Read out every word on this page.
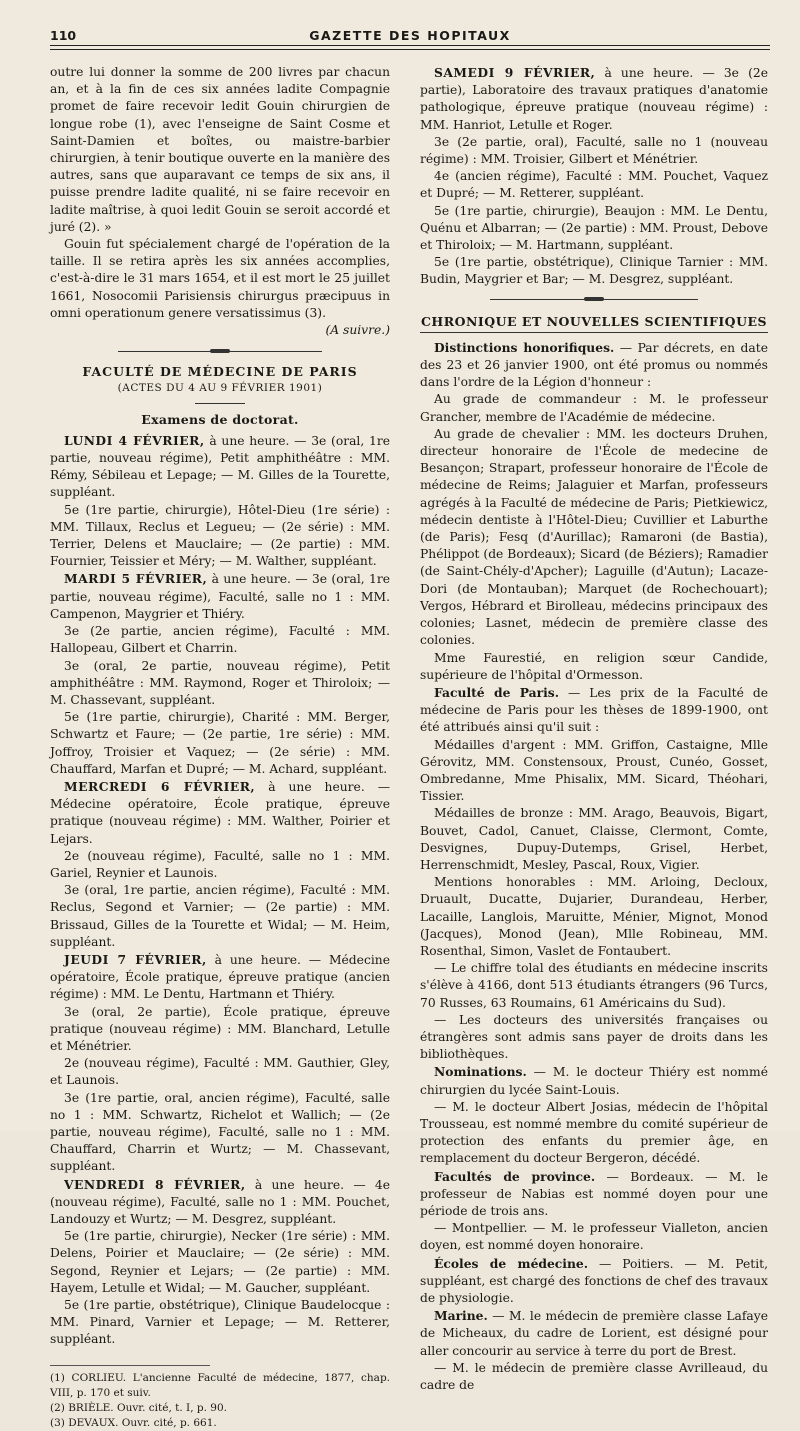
110	GAZETTE DES HOPITAUX

outre lui donner la somme de 200 livres par chacun an, et à la fin de ces six années ladite Compagnie promet de faire recevoir ledit Gouin chirurgien de longue robe (1), avec l'enseigne de Saint Cosme et Saint-Damien et boîtes, ou maistre-barbier chirurgien, à tenir boutique ouverte en la manière des autres, sans que auparavant ce temps de six ans, il puisse prendre ladite qualité, ni se faire recevoir en ladite maîtrise, à quoi ledit Gouin se seroit accordé et juré (2). »

Gouin fut spécialement chargé de l'opération de la taille. Il se retira après les six années accomplies, c'est-à-dire le 31 mars 1654, et il est mort le 25 juillet 1661, Nosocomii Parisiensis chirurgus præcipuus in omni operationum genere versatissimus (3).

(A suivre.)

FACULTÉ DE MÉDECINE DE PARIS
(ACTES DU 4 AU 9 FÉVRIER 1901)
Examens de doctorat.

LUNDI 4 FÉVRIER, à une heure. — 3e (oral, 1re partie, nouveau régime), Petit amphithéâtre : MM. Rémy, Sébileau et Lepage; — M. Gilles de la Tourette, suppléant.

5e (1re partie, chirurgie), Hôtel-Dieu (1re série) : MM. Tillaux, Reclus et Legueu; — (2e série) : MM. Terrier, Delens et Mauclaire; — (2e partie) : MM. Fournier, Teissier et Méry; — M. Walther, suppléant.

MARDI 5 FÉVRIER, à une heure. — 3e (oral, 1re partie, nouveau régime), Faculté, salle no 1 : MM. Campenon, Maygrier et Thiéry.

3e (2e partie, ancien régime), Faculté : MM. Hallopeau, Gilbert et Charrin.

3e (oral, 2e partie, nouveau régime), Petit amphithéâtre : MM. Raymond, Roger et Thiroloix; — M. Chassevant, suppléant.

5e (1re partie, chirurgie), Charité : MM. Berger, Schwartz et Faure; — (2e partie, 1re série) : MM. Joffroy, Troisier et Vaquez; — (2e série) : MM. Chauffard, Marfan et Dupré; — M. Achard, suppléant.

MERCREDI 6 FÉVRIER, à une heure. — Médecine opératoire, École pratique, épreuve pratique (nouveau régime) : MM. Walther, Poirier et Lejars.

2e (nouveau régime), Faculté, salle no 1 : MM. Gariel, Reynier et Launois.

3e (oral, 1re partie, ancien régime), Faculté : MM. Reclus, Segond et Varnier; — (2e partie) : MM. Brissaud, Gilles de la Tourette et Widal; — M. Heim, suppléant.

JEUDI 7 FÉVRIER, à une heure. — Médecine opératoire, École pratique, épreuve pratique (ancien régime) : MM. Le Dentu, Hartmann et Thiéry.

3e (oral, 2e partie), École pratique, épreuve pratique (nouveau régime) : MM. Blanchard, Letulle et Ménétrier.

2e (nouveau régime), Faculté : MM. Gauthier, Gley, et Launois.

3e (1re partie, oral, ancien régime), Faculté, salle no 1 : MM. Schwartz, Richelot et Wallich; — (2e partie, nouveau régime), Faculté, salle no 1 : MM. Chauffard, Charrin et Wurtz; — M. Chassevant, suppléant.

VENDREDI 8 FÉVRIER, à une heure. — 4e (nouveau régime), Faculté, salle no 1 : MM. Pouchet, Landouzy et Wurtz; — M. Desgrez, suppléant.

5e (1re partie, chirurgie), Necker (1re série) : MM. Delens, Poirier et Mauclaire; — (2e série) : MM. Segond, Reynier et Lejars; — (2e partie) : MM. Hayem, Letulle et Widal; — M. Gaucher, suppléant.

5e (1re partie, obstétrique), Clinique Baudelocque : MM. Pinard, Varnier et Lepage; — M. Retterer, suppléant.

(1) CORLIEU. L'ancienne Faculté de médecine, 1877, chap. VIII, p. 170 et suiv.

(2) BRIÈLE. Ouvr. cité, t. I, p. 90.

(3) DEVAUX. Ouvr. cité, p. 661.

SAMEDI 9 FÉVRIER, à une heure. — 3e (2e partie), Laboratoire des travaux pratiques d'anatomie pathologique, épreuve pratique (nouveau régime) : MM. Hanriot, Letulle et Roger.

3e (2e partie, oral), Faculté, salle no 1 (nouveau régime) : MM. Troisier, Gilbert et Ménétrier.

4e (ancien régime), Faculté : MM. Pouchet, Vaquez et Dupré; — M. Retterer, suppléant.

5e (1re partie, chirurgie), Beaujon : MM. Le Dentu, Quénu et Albarran; — (2e partie) : MM. Proust, Debove et Thiroloix; — M. Hartmann, suppléant.

5e (1re partie, obstétrique), Clinique Tarnier : MM. Budin, Maygrier et Bar; — M. Desgrez, suppléant.

CHRONIQUE ET NOUVELLES SCIENTIFIQUES

Distinctions honorifiques. — Par décrets, en date des 23 et 26 janvier 1900, ont été promus ou nommés dans l'ordre de la Légion d'honneur :

Au grade de commandeur : M. le professeur Grancher, membre de l'Académie de médecine.

Au grade de chevalier : MM. les docteurs Druhen, directeur honoraire de l'École de medecine de Besançon; Strapart, professeur honoraire de l'École de médecine de Reims; Jalaguier et Marfan, professeurs agrégés à la Faculté de médecine de Paris; Pietkiewicz, médecin dentiste à l'Hôtel-Dieu; Cuvillier et Laburthe (de Paris); Fesq (d'Aurillac); Ramaroni (de Bastia), Phélippot (de Bordeaux); Sicard (de Béziers); Ramadier (de Saint-Chély-d'Apcher); Laguille (d'Autun); Lacaze-Dori (de Montauban); Marquet (de Rochechouart); Vergos, Hébrard et Birolleau, médecins principaux des colonies; Lasnet, médecin de première classe des colonies.

Mme Faurestié, en religion sœur Candide, supérieure de l'hôpital d'Ormesson.

Faculté de Paris. — Les prix de la Faculté de médecine de Paris pour les thèses de 1899-1900, ont été attribués ainsi qu'il suit :

Médailles d'argent : MM. Griffon, Castaigne, Mlle Gérovitz, MM. Constensoux, Proust, Cunéo, Gosset, Ombredanne, Mme Phisalix, MM. Sicard, Théohari, Tissier.

Médailles de bronze : MM. Arago, Beauvois, Bigart, Bouvet, Cadol, Canuet, Claisse, Clermont, Comte, Desvignes, Dupuy-Dutemps, Grisel, Herbet, Herrenschmidt, Mesley, Pascal, Roux, Vigier.

Mentions honorables : MM. Arloing, Decloux, Druault, Ducatte, Dujarier, Durandeau, Herber, Lacaille, Langlois, Maruitte, Ménier, Mignot, Monod (Jacques), Monod (Jean), Mlle Robineau, MM. Rosenthal, Simon, Vaslet de Fontaubert.

— Le chiffre tolal des étudiants en médecine inscrits s'élève à 4166, dont 513 étudiants étrangers (96 Turcs, 70 Russes, 63 Roumains, 61 Américains du Sud).

— Les docteurs des universités françaises ou étrangères sont admis sans payer de droits dans les bibliothèques.

Nominations. — M. le docteur Thiéry est nommé chirurgien du lycée Saint-Louis.

— M. le docteur Albert Josias, médecin de l'hôpital Trousseau, est nommé membre du comité supérieur de protection des enfants du premier âge, en remplacement du docteur Bergeron, décédé.

Facultés de province. — Bordeaux. — M. le professeur de Nabias est nommé doyen pour une période de trois ans.

— Montpellier. — M. le professeur Vialleton, ancien doyen, est nommé doyen honoraire.

Écoles de médecine. — Poitiers. — M. Petit, suppléant, est chargé des fonctions de chef des travaux de physiologie.

Marine. — M. le médecin de première classe Lafaye de Micheaux, du cadre de Lorient, est désigné pour aller concourir au service à terre du port de Brest.

— M. le médecin de première classe Avrilleaud, du cadre de
